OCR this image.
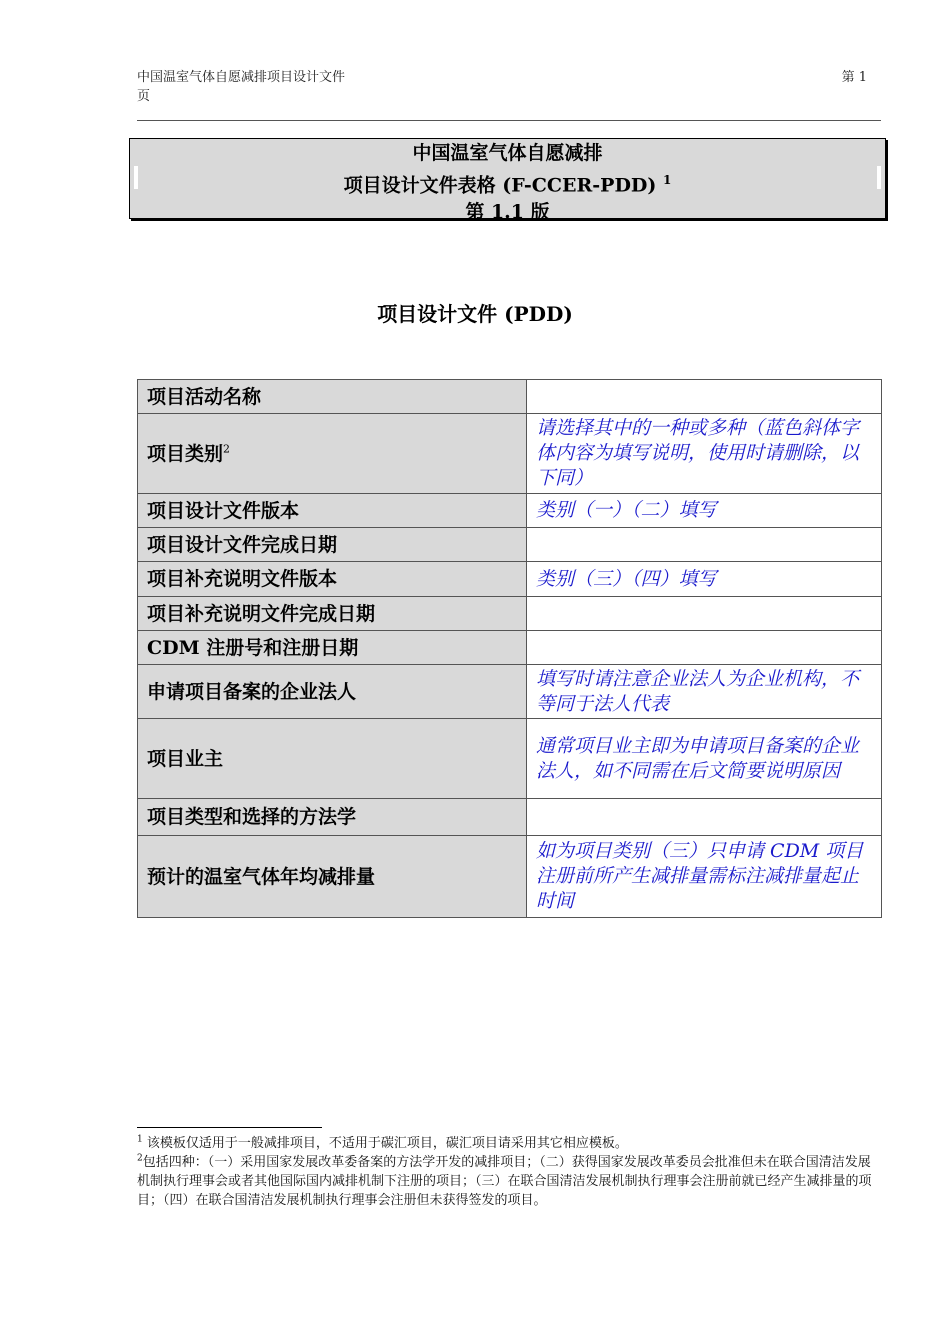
中国温室气体自愿减排项目设计文件
页
第 1
中国温室气体自愿减排
项目设计文件表格 (F-CCER-PDD) $^1$
第 1.1 版
项目设计文件 (PDD)
项目活动名称	
项目类别$^2$	请选择其中的一种或多种（蓝色斜体字体内容为填写说明，使用时请删除，以下同）
项目设计文件版本	类别（一）（二）填写
项目设计文件完成日期	
项目补充说明文件版本	类别（三）（四）填写
项目补充说明文件完成日期	
CDM 注册号和注册日期	
申请项目备案的企业法人	填写时请注意企业法人为企业机构，不等同于法人代表
项目业主	通常项目业主即为申请项目备案的企业法人，如不同需在后文简要说明原因
项目类型和选择的方法学	
预计的温室气体年均减排量	如为项目类别（三）只申请 CDM 项目注册前所产生减排量需标注减排量起止时间

$^1$ 该模板仅适用于一般减排项目，不适用于碳汇项目，碳汇项目请采用其它相应模板。

$^2$包括四种：（一）采用国家发展改革委备案的方法学开发的减排项目；（二）获得国家发展改革委员会批准但未在联合国清洁发展机制执行理事会或者其他国际国内减排机制下注册的项目；（三）在联合国清洁发展机制执行理事会注册前就已经产生减排量的项目；（四）在联合国清洁发展机制执行理事会注册但未获得签发的项目。
